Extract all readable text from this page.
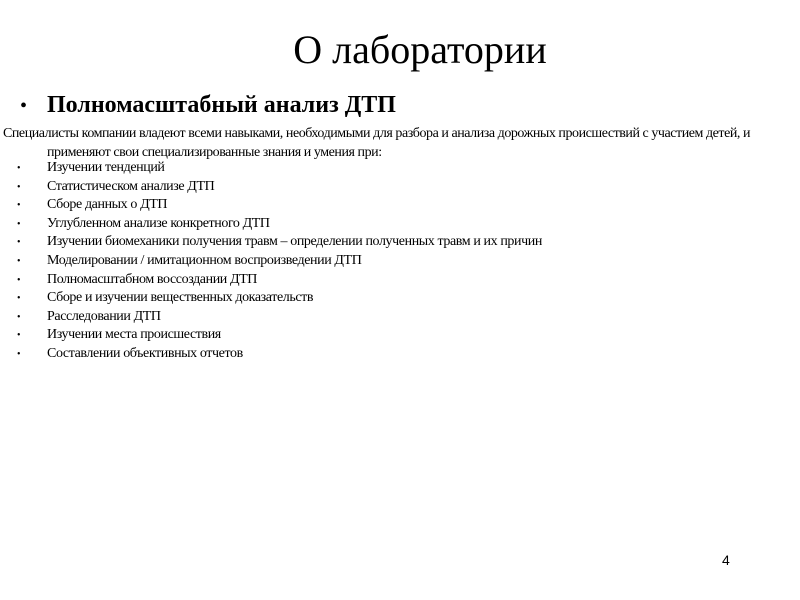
О лаборатории
• Полномасштабный анализ ДТП

Специалисты компании владеют всеми навыками, необходимыми для разбора и анализа дорожных происшествий с участием детей, и применяют свои специализированные знания и умения при:

•	Изучении тенденций
•	Статистическом анализе ДТП
•	Сборе данных о ДТП
•	Углубленном анализе конкретного ДТП
•	Изучении биомеханики получения травм – определении полученных травм и их причин
•	Моделировании / имитационном воспроизведении ДТП
•	Полномасштабном воссоздании ДТП
•	Сборе и изучении вещественных доказательств
•	Расследовании ДТП
•	Изучении места происшествия
•	Составлении объективных отчетов
4
